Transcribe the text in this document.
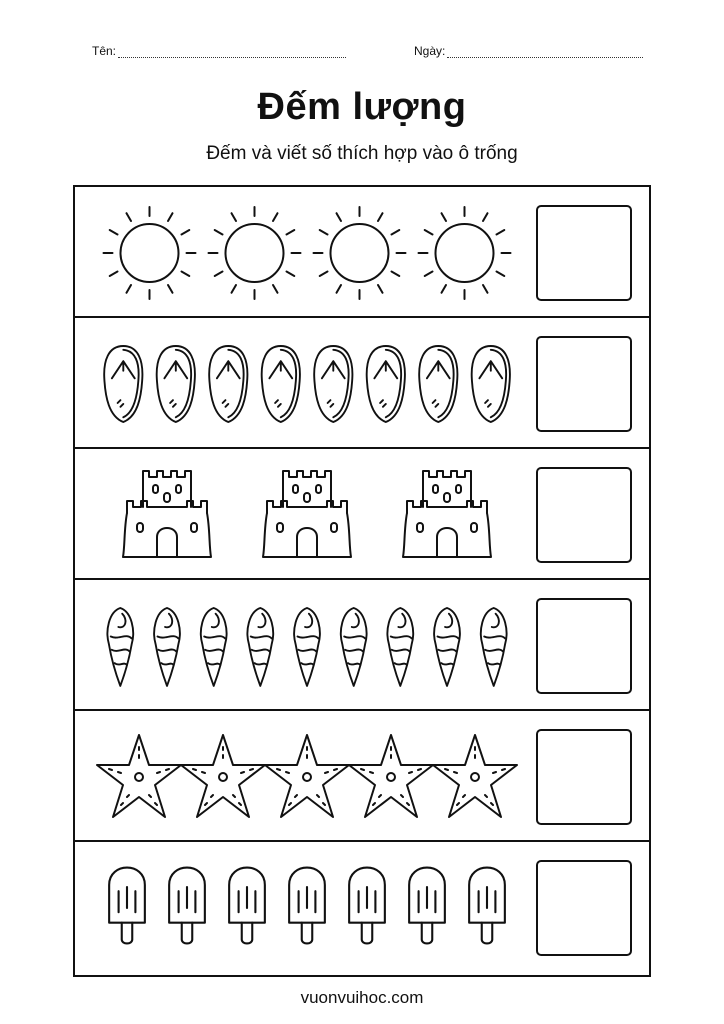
Tên:	Ngày:
Đếm lượng
Đếm và viết số thích hợp vào ô trống
vuonvuihoc.com
